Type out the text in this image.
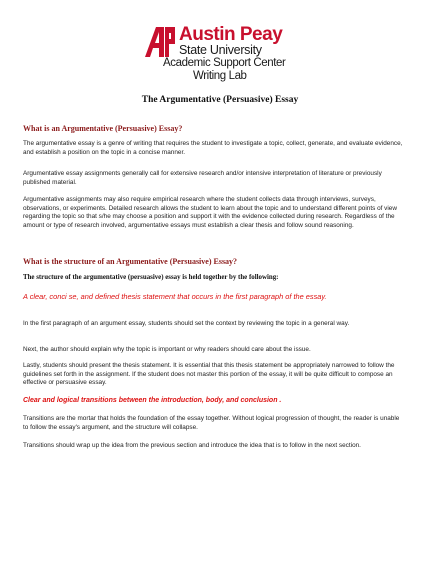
Austin Peay
State University
Academic Support Center
Writing Lab
The Argumentative (Persuasive) Essay
What is an Argumentative (Persuasive) Essay?

The argumentative essay is a genre of writing that requires the student to investigate a topic, collect, generate, and evaluate evidence, and establish a position on the topic in a concise manner.

Argumentative essay assignments generally call for extensive research and/or intensive interpretation of literature or previously published material.

Argumentative assignments may also require empirical research where the student collects data through interviews, surveys, observations, or experiments. Detailed research allows the student to learn about the topic and to understand different points of view regarding the topic so that s/he may choose a position and support it with the evidence collected during research. Regardless of the amount or type of research involved, argumentative essays must establish a clear thesis and follow sound reasoning.

What is the structure of an Argumentative (Persuasive) Essay?

The structure of the argumentative (persuasive) essay is held together by the following:

A clear, conci se, and defined thesis statement that occurs in the first paragraph of the essay.

In the first paragraph of an argument essay, students should set the context by reviewing the topic in a general way.

Next, the author should explain why the topic is important or why readers should care about the issue.

Lastly, students should present the thesis statement. It is essential that this thesis statement be appropriately narrowed to follow the guidelines set forth in the assignment. If the student does not master this portion of the essay, it will be quite difficult to compose an effective or persuasive essay.

Clear and logical transitions between the introduction, body, and conclusion .

Transitions are the mortar that holds the foundation of the essay together. Without logical progression of thought, the reader is unable to follow the essay's argument, and the structure will collapse.

Transitions should wrap up the idea from the previous section and introduce the idea that is to follow in the next section.
